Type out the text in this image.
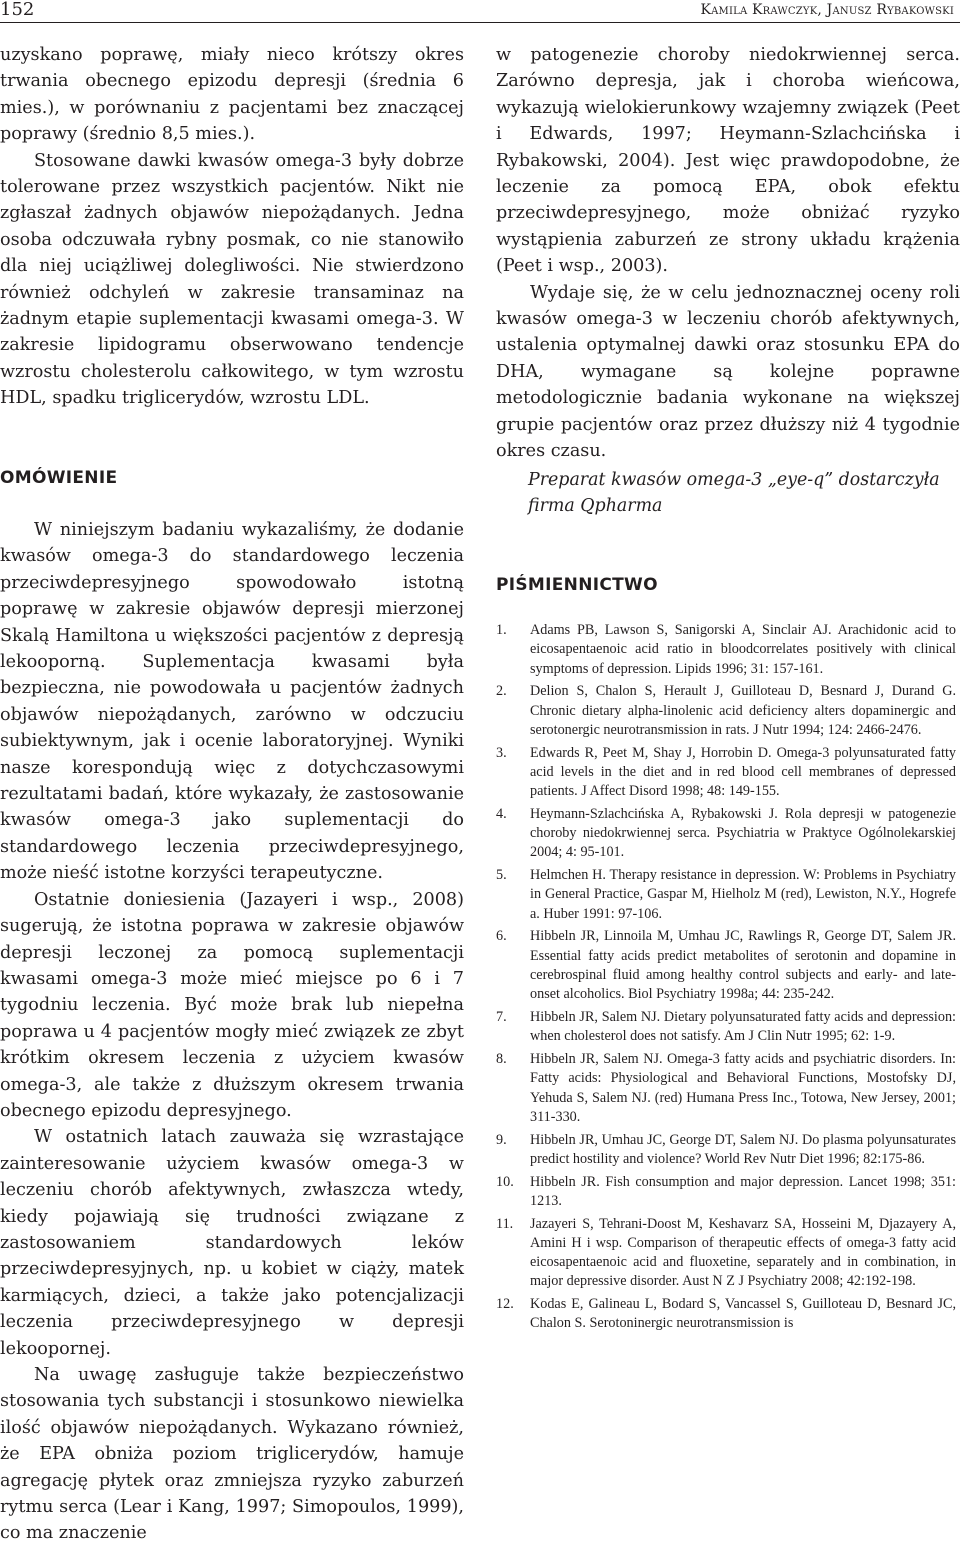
152	Kamila Krawczyk, Janusz Rybakowski

uzyskano poprawę, miały nieco krótszy okres trwania obecnego epizodu depresji (średnia 6 mies.), w porównaniu z pacjentami bez znaczącej poprawy (średnio 8,5 mies.).

Stosowane dawki kwasów omega-3 były dobrze tolerowane przez wszystkich pacjentów. Nikt nie zgłaszał żadnych objawów niepożądanych. Jedna osoba odczuwała rybny posmak, co nie stanowiło dla niej uciążliwej dolegliwości. Nie stwierdzono również odchyleń w zakresie transaminaz na żadnym etapie suplementacji kwasami omega-3. W zakresie lipidogramu obserwowano tendencje wzrostu cholesterolu całkowitego, w tym wzrostu HDL, spadku triglicerydów, wzrostu LDL.

w patogenezie choroby niedokrwiennej serca. Zarówno depresja, jak i choroba wieńcowa, wykazują wielokierunkowy wzajemny związek (Peet i Edwards, 1997; Heymann-Szlachcińska i Rybakowski, 2004). Jest więc prawdopodobne, że leczenie za pomocą EPA, obok efektu przeciwdepresyjnego, może obniżać ryzyko wystąpienia zaburzeń ze strony układu krążenia (Peet i wsp., 2003).

Wydaje się, że w celu jednoznacznej oceny roli kwasów omega-3 w leczeniu chorób afektywnych, ustalenia optymalnej dawki oraz stosunku EPA do DHA, wymagane są kolejne poprawne metodologicznie badania wykonane na większej grupie pacjentów oraz przez dłuższy niż 4 tygodnie okres czasu.

OMÓWIENIE

W niniejszym badaniu wykazaliśmy, że dodanie kwasów omega-3 do standardowego leczenia przeciwdepresyjnego spowodowało istotną poprawę w zakresie objawów depresji mierzonej Skalą Hamiltona u większości pacjentów z depresją lekooporną. Suplementacja kwasami była bezpieczna, nie powodowała u pacjentów żadnych objawów niepożądanych, zarówno w odczuciu subiektywnym, jak i ocenie laboratoryjnej. Wyniki nasze korespondują więc z dotychczasowymi rezultatami badań, które wykazały, że zastosowanie kwasów omega-3 jako suplementacji do standardowego leczenia przeciwdepresyjnego, może nieść istotne korzyści terapeutyczne.

Ostatnie doniesienia (Jazayeri i wsp., 2008) sugerują, że istotna poprawa w zakresie objawów depresji leczonej za pomocą suplementacji kwasami omega-3 może mieć miejsce po 6 i 7 tygodniu leczenia. Być może brak lub niepełna poprawa u 4 pacjentów mogły mieć związek ze zbyt krótkim okresem leczenia z użyciem kwasów omega-3, ale także z dłuższym okresem trwania obecnego epizodu depresyjnego.

W ostatnich latach zauważa się wzrastające zainteresowanie użyciem kwasów omega-3 w leczeniu chorób afektywnych, zwłaszcza wtedy, kiedy pojawiają się trudności związane z zastosowaniem standardowych leków przeciwdepresyjnych, np. u kobiet w ciąży, matek karmiących, dzieci, a także jako potencjalizacji leczenia przeciwdepresyjnego w depresji lekoopornej.

Na uwagę zasługuje także bezpieczeństwo stosowania tych substancji i stosunkowo niewielka ilość objawów niepożądanych. Wykazano również, że EPA obniża poziom triglicerydów, hamuje agregację płytek oraz zmniejsza ryzyko zaburzeń rytmu serca (Lear i Kang, 1997; Simopoulos, 1999), co ma znaczenie

Preparat kwasów omega-3 „eye-q” dostarczyła firma Qpharma
PIŚMIENNICTWO
1. Adams PB, Lawson S, Sanigorski A, Sinclair AJ. Arachidonic acid to eicosapentaenoic acid ratio in bloodcorrelates positively with clinical symptoms of depression. Lipids 1996; 31: 157-161.
2. Delion S, Chalon S, Herault J, Guilloteau D, Besnard J, Durand G. Chronic dietary alpha-linolenic acid deficiency alters dopaminergic and serotonergic neurotransmission in rats. J Nutr 1994; 124: 2466-2476.
3. Edwards R, Peet M, Shay J, Horrobin D. Omega-3 polyunsaturated fatty acid levels in the diet and in red blood cell membranes of depressed patients. J Affect Disord 1998; 48: 149-155.
4. Heymann-Szlachcińska A, Rybakowski J. Rola depresji w patogenezie choroby niedokrwiennej serca. Psychiatria w Praktyce Ogólnolekarskiej 2004; 4: 95-101.
5. Helmchen H. Therapy resistance in depression. W: Problems in Psychiatry in General Practice, Gaspar M, Hielholz M (red), Lewiston, N.Y., Hogrefe a. Huber 1991: 97-106.
6. Hibbeln JR, Linnoila M, Umhau JC, Rawlings R, George DT, Salem JR. Essential fatty acids predict metabolites of serotonin and dopamine in cerebrospinal fluid among healthy control subjects and early- and late-onset alcoholics. Biol Psychiatry 1998a; 44: 235-242.
7. Hibbeln JR, Salem NJ. Dietary polyunsaturated fatty acids and depression: when cholesterol does not satisfy. Am J Clin Nutr 1995; 62: 1-9.
8. Hibbeln JR, Salem NJ. Omega-3 fatty acids and psychiatric disorders. In: Fatty acids: Physiological and Behavioral Functions, Mostofsky DJ, Yehuda S, Salem NJ. (red) Humana Press Inc., Totowa, New Jersey, 2001; 311-330.
9. Hibbeln JR, Umhau JC, George DT, Salem NJ. Do plasma polyunsaturates predict hostility and violence? World Rev Nutr Diet 1996; 82:175-86.
10. Hibbeln JR. Fish consumption and major depression. Lancet 1998; 351: 1213.
11. Jazayeri S, Tehrani-Doost M, Keshavarz SA, Hosseini M, Djazayery A, Amini H i wsp. Comparison of therapeutic effects of omega-3 fatty acid eicosapentaenoic acid and fluoxetine, separately and in combination, in major depressive disorder. Aust N Z J Psychiatry 2008; 42:192-198.
12. Kodas E, Galineau L, Bodard S, Vancassel S, Guilloteau D, Besnard JC, Chalon S. Serotoninergic neurotransmission is
